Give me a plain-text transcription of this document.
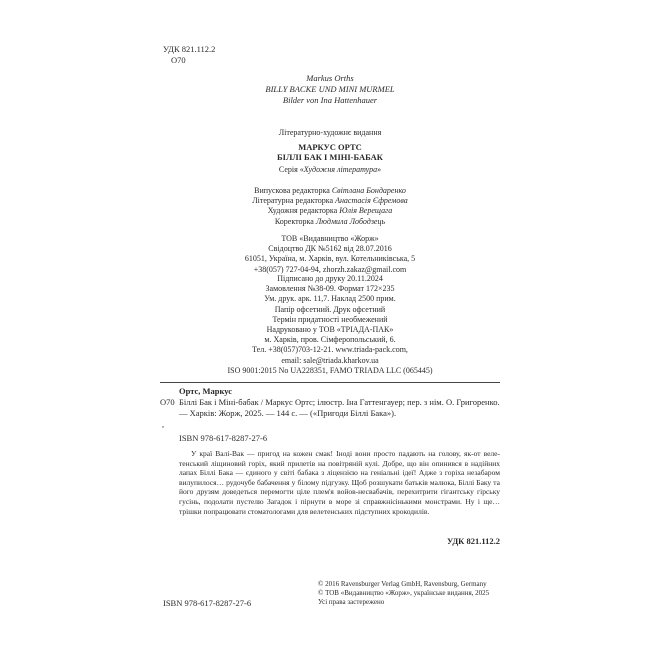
УДК 821.112.2
О70
Markus Orths
BILLY BACKE UND MINI MURMEL
Bilder von Ina Hattenhauer
Літературно-художнє видання
МАРКУС ОРТС
БІЛЛІ БАК І МІНІ-БАБАК
Серія «Художня література»
Випускова редакторка Світлана Бондаренко
Літературна редакторка Анастасія Єфремова
Художня редакторка Юлія Верещага
Коректорка Людмила Лободзець
ТОВ «Видавництво «Жорж»
Свідоцтво ДК №5162 від 28.07.2016
61051, Україна, м. Харків, вул. Котельниківська, 5
+38(057) 727-04-94, zhorzh.zakaz@gmail.com
Підписано до друку 20.11.2024
Замовлення №38-09. Формат 172×235
Ум. друк. арк. 11,7. Наклад 2500 прим.
Папір офсетний. Друк офсетний
Термін придатності необмежений
Надруковано у ТОВ «ТРІАДА-ПАК»
м. Харків, пров. Сімферопольський, 6.
Тел. +38(057)703-12-21. www.triada-pack.com,
email: sale@triada.kharkov.ua
ISO 9001:2015 No UA228351, FAMO TRIADA LLC (065445)
Ортс, Маркус
О70 Біллі Бак і Міні-бабак / Маркус Ортс; ілюстр. Іна Гаттенгауер; пер. з нім. О. Григоренко. — Харків: Жорж, 2025. — 144 с. — («Пригоди Біллі Бака»).
,
ISBN 978-617-8287-27-6
У краї Валі-Вак — пригод на кожен смак! Іноді вони просто падають на голову, як-от велетенський ліщиновий горіх, який прилетів на повітряній кулі. Добре, що він опинився в надійних лапах Біллі Бака — єдиного у світі бабака з ліцензією на геніальні ідеї! Адже з горіха незабаром вилупилося… рудочубе бабачення у білому підгузку. Щоб розшукати батьків малюка, Біллі Баку та його друзям доведеться перемогти ціле плем'я войов-несвабачів, перехитрити гігантську гірську гусінь, подолати пустелю Загадок і пірнути в море зі справжнісінькими монстрами. Ну і ще… трішки попрацювати стоматологами для велетенських підступних крокодилів.
УДК 821.112.2
© 2016 Ravensburger Verlag GmbH, Ravensburg, Germany
© ТОВ «Видавництво «Жорж», українське видання, 2025
Усі права застережено
ISBN 978-617-8287-27-6
